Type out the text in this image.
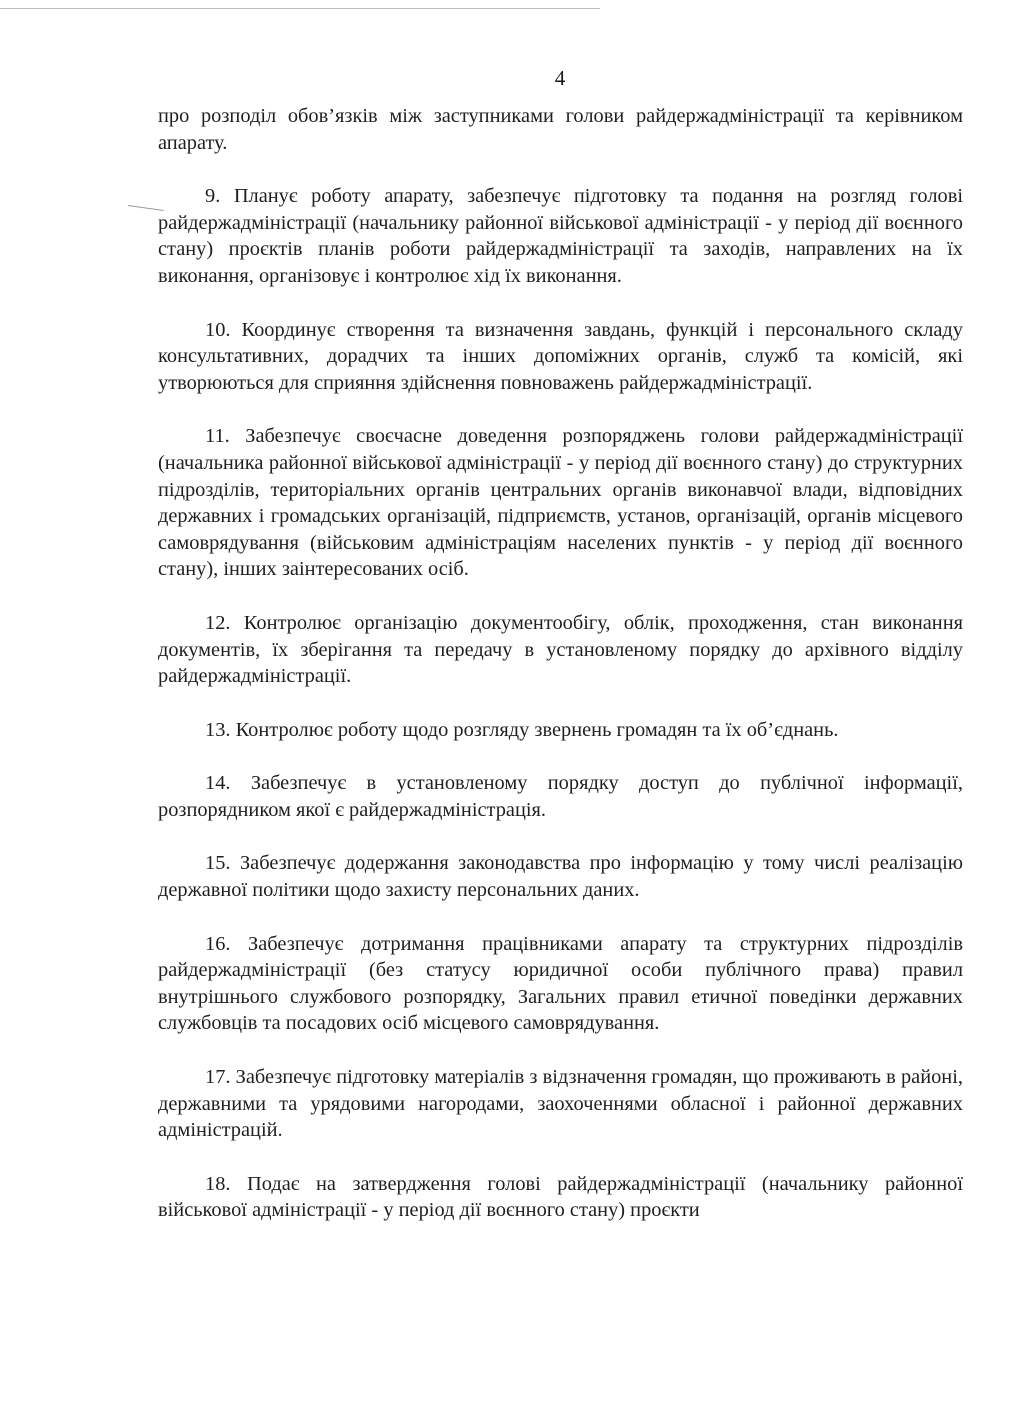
4

про розподіл обов’язків між заступниками голови райдержадміністрації та керівником апарату.

9. Планує роботу апарату, забезпечує підготовку та подання на розгляд голові райдержадміністрації (начальнику районної військової адміністрації - у період дії воєнного стану) проєктів планів роботи райдержадміністрації та заходів, направлених на їх виконання, організовує і контролює хід їх виконання.

10. Координує створення та визначення завдань, функцій і персонального складу консультативних, дорадчих та інших допоміжних органів, служб та комісій, які утворюються для сприяння здійснення повноважень райдержадміністрації.

11. Забезпечує своєчасне доведення розпоряджень голови райдержадміністрації (начальника районної військової адміністрації - у період дії воєнного стану) до структурних підрозділів, територіальних органів центральних органів виконавчої влади, відповідних державних і громадських організацій, підприємств, установ, організацій, органів місцевого самоврядування (військовим адміністраціям населених пунктів - у період дії воєнного стану), інших заінтересованих осіб.

12. Контролює організацію документообігу, облік, проходження, стан виконання документів, їх зберігання та передачу в установленому порядку до архівного відділу райдержадміністрації.

13. Контролює роботу щодо розгляду звернень громадян та їх об’єднань.

14. Забезпечує в установленому порядку доступ до публічної інформації, розпорядником якої є райдержадміністрація.

15. Забезпечує додержання законодавства про інформацію у тому числі реалізацію державної політики щодо захисту персональних даних.

16. Забезпечує дотримання працівниками апарату та структурних підрозділів райдержадміністрації (без статусу юридичної особи публічного права) правил внутрішнього службового розпорядку, Загальних правил етичної поведінки державних службовців та посадових осіб місцевого самоврядування.

17. Забезпечує підготовку матеріалів з відзначення громадян, що проживають в районі, державними та урядовими нагородами, заохоченнями обласної і районної державних адміністрацій.

18. Подає на затвердження голові райдержадміністрації (начальнику районної військової адміністрації - у період дії воєнного стану) проєкти
